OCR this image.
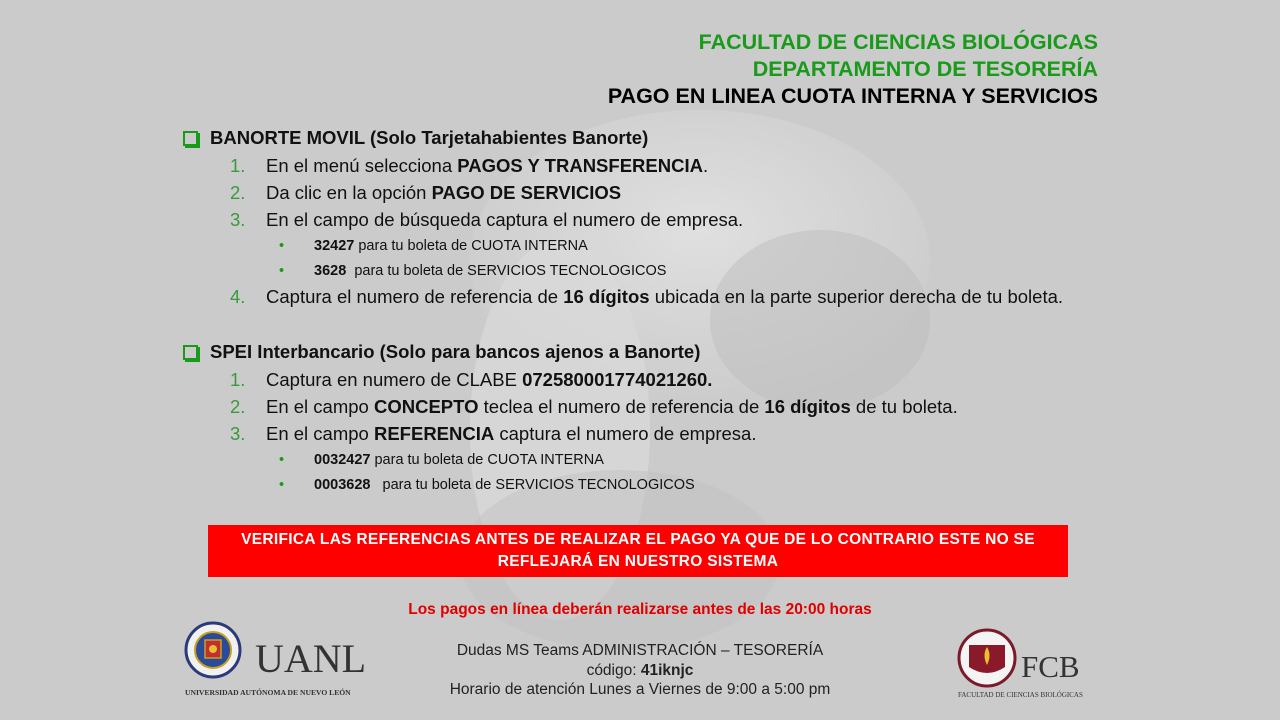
FACULTAD DE CIENCIAS BIOLÓGICAS
DEPARTAMENTO DE TESORERÍA
PAGO EN LINEA CUOTA INTERNA Y SERVICIOS
BANORTE MOVIL (Solo Tarjetahabientes Banorte)
1. En el menú selecciona PAGOS Y TRANSFERENCIA.
2. Da clic en la opción PAGO DE SERVICIOS
3. En el campo de búsqueda captura el numero de empresa.
• 32427 para tu boleta de CUOTA INTERNA
• 3628  para tu boleta de SERVICIOS TECNOLOGICOS
4. Captura el numero de referencia de 16 dígitos ubicada en la parte superior derecha de tu boleta.
SPEI Interbancario (Solo para bancos ajenos a Banorte)
1. Captura en numero de CLABE 072580001774021260.
2. En el campo CONCEPTO teclea el numero de referencia de 16 dígitos de tu boleta.
3. En el campo REFERENCIA captura el numero de empresa.
• 0032427 para tu boleta de CUOTA INTERNA
• 0003628   para tu boleta de SERVICIOS TECNOLOGICOS
VERIFICA LAS REFERENCIAS ANTES DE REALIZAR EL PAGO YA QUE DE LO CONTRARIO ESTE NO SE
REFLEJARÁ EN NUESTRO SISTEMA
Los pagos en línea deberán realizarse antes de las 20:00 horas
Dudas MS Teams ADMINISTRACIÓN – TESORERÍA
código: 41iknjc
Horario de atención Lunes a Viernes de 9:00 a 5:00 pm
UANL
UNIVERSIDAD AUTÓNOMA DE NUEVO LEÓN
FCB
FACULTAD DE CIENCIAS BIOLÓGICAS
